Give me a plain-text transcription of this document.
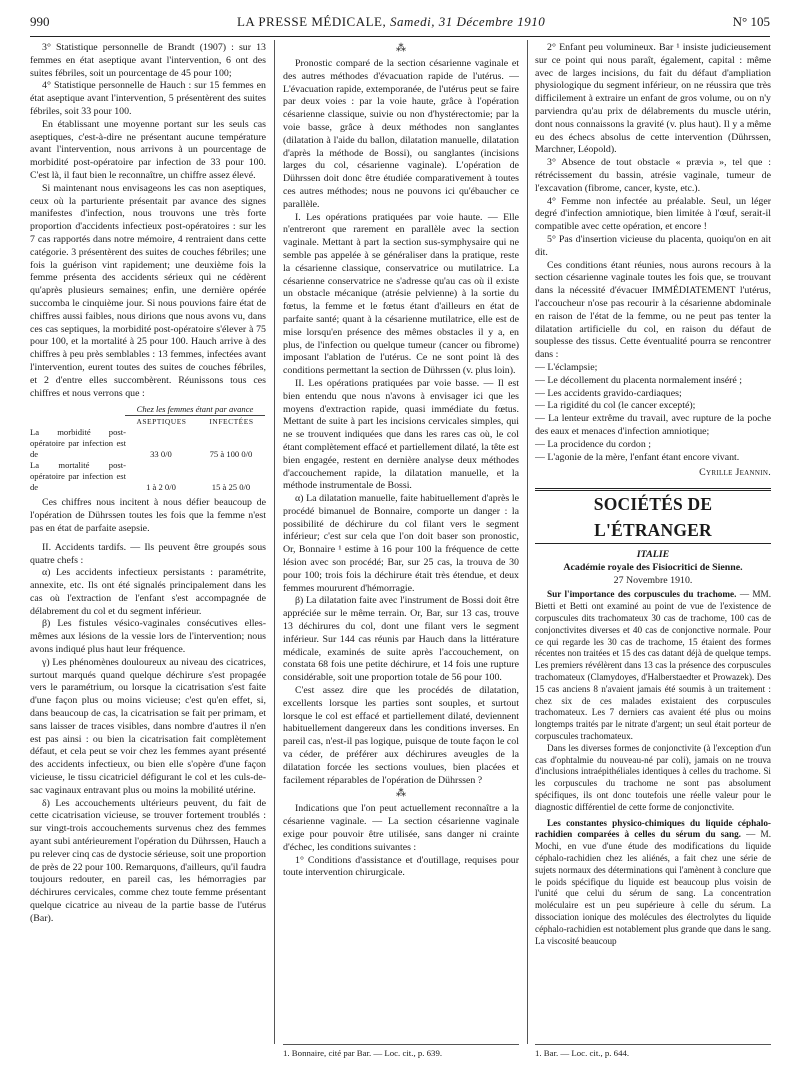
990	LA PRESSE MÉDICALE, Samedi, 31 Décembre 1910	N° 105

3° Statistique personnelle de Brandt (1907) : sur 13 femmes en état aseptique avant l'intervention, 6 ont des suites fébriles, soit un pourcentage de 45 pour 100;

4° Statistique personnelle de Hauch : sur 15 femmes en état aseptique avant l'intervention, 5 présentèrent des suites fébriles, soit 33 pour 100.

En établissant une moyenne portant sur les seuls cas aseptiques, c'est-à-dire ne présentant aucune température avant l'intervention, nous arrivons à un pourcentage de morbidité post-opératoire par infection de 33 pour 100. C'est là, il faut bien le reconnaître, un chiffre assez élevé.

Si maintenant nous envisageons les cas non aseptiques, ceux où la parturiente présentait par avance des signes manifestes d'infection, nous trouvons une très forte proportion d'accidents infectieux post-opératoires : sur les 7 cas rapportés dans notre mémoire, 4 rentraient dans cette catégorie. 3 présentèrent des suites de couches fébriles; une fois la guérison vint rapidement; une deuxième fois la femme présenta des accidents sérieux qui ne cédèrent qu'après plusieurs semaines; enfin, une dernière opérée succomba le cinquième jour. Si nous pouvions faire état de chiffres aussi faibles, nous dirions que nous avons vu, dans ces cas septiques, la morbidité post-opératoire s'élever à 75 pour 100, et la mortalité à 25 pour 100. Hauch arrive à des chiffres à peu près semblables : 13 femmes, infectées avant l'intervention, eurent toutes des suites de couches fébriles, et 2 d'entre elles succombèrent. Réunissons tous ces chiffres et nous verrons que :

Chez les femmes étant par avance
ASEPTIQUES	INFECTÉES
La morbidité post-opératoire par infection est de	33 0/0	75 à 100 0/0
La mortalité post-opératoire par infection est de	1 à 2 0/0	15 à 25 0/0

Ces chiffres nous incitent à nous défier beaucoup de l'opération de Dührssen toutes les fois que la femme n'est pas en état de parfaite asepsie.

II. Accidents tardifs. — Ils peuvent être groupés sous quatre chefs :

α) Les accidents infectieux persistants : paramétrite, annexite, etc. Ils ont été signalés principalement dans les cas où l'extraction de l'enfant s'est accompagnée de délabrement du col et du segment inférieur.

β) Les fistules vésico-vaginales consécutives elles-mêmes aux lésions de la vessie lors de l'intervention; nous avons indiqué plus haut leur fréquence.

γ) Les phénomènes douloureux au niveau des cicatrices, surtout marqués quand quelque déchirure s'est propagée vers le paramétrium, ou lorsque la cicatrisation s'est faite d'une façon plus ou moins vicieuse; c'est qu'en effet, si, dans beaucoup de cas, la cicatrisation se fait per primam, et sans laisser de traces visibles, dans nombre d'autres il n'en est pas ainsi : ou bien la cicatrisation fait complètement défaut, et cela peut se voir chez les femmes ayant présenté des accidents infectieux, ou bien elle s'opère d'une façon vicieuse, le tissu cicatriciel défigurant le col et les culs-de-sac vaginaux entravant plus ou moins la mobilité utérine.

δ) Les accouchements ultérieurs peuvent, du fait de cette cicatrisation vicieuse, se trouver fortement troublés : sur vingt-trois accouchements survenus chez des femmes ayant subi antérieurement l'opération du Dührssen, Hauch a pu relever cinq cas de dystocie sérieuse, soit une proportion de près de 22 pour 100. Remarquons, d'ailleurs, qu'il faudra toujours redouter, en pareil cas, les hémorragies par déchirures cervicales, comme chez toute femme présentant quelque cicatrice au niveau de la partie basse de l'utérus (Bar).

⁂

Pronostic comparé de la section césarienne vaginale et des autres méthodes d'évacuation rapide de l'utérus. — L'évacuation rapide, extemporanée, de l'utérus peut se faire par deux voies : par la voie haute, grâce à l'opération césarienne classique, suivie ou non d'hystérectomie; par la voie basse, grâce à deux méthodes non sanglantes (dilatation à l'aide du ballon, dilatation manuelle, dilatation d'après la méthode de Bossi), ou sanglantes (incisions larges du col, césarienne vaginale). L'opération de Dührssen doit donc être étudiée comparativement à toutes ces autres méthodes; nous ne pouvons ici qu'ébaucher ce parallèle.

I. Les opérations pratiquées par voie haute. — Elle n'entreront que rarement en parallèle avec la section vaginale. Mettant à part la section sus-symphysaire qui ne semble pas appelée à se généraliser dans la pratique, reste la césarienne classique, conservatrice ou mutilatrice. La césarienne conservatrice ne s'adresse qu'au cas où il existe un obstacle mécanique (atrésie pelvienne) à la sortie du fœtus, la femme et le fœtus étant d'ailleurs en état de parfaite santé; quant à la césarienne mutilatrice, elle est de mise lorsqu'en présence des mêmes obstacles il y a, en plus, de l'infection ou quelque tumeur (cancer ou fibrome) imposant l'ablation de l'utérus. Ce ne sont point là des conditions permettant la section de Dührssen (v. plus loin).

II. Les opérations pratiquées par voie basse. — Il est bien entendu que nous n'avons à envisager ici que les moyens d'extraction rapide, quasi immédiate du fœtus. Mettant de suite à part les incisions cervicales simples, qui ne se trouvent indiquées que dans les rares cas où, le col étant complètement effacé et partiellement dilaté, la tête est bien engagée, restent en dernière analyse deux méthodes d'accouchement rapide, la dilatation manuelle, et la méthode instrumentale de Bossi.

α) La dilatation manuelle, faite habituellement d'après le procédé bimanuel de Bonnaire, comporte un danger : la possibilité de déchirure du col filant vers le segment inférieur; c'est sur cela que l'on doit baser son pronostic, Or, Bonnaire ¹ estime à 16 pour 100 la fréquence de cette lésion avec son procédé; Bar, sur 25 cas, la trouva de 30 pour 100; trois fois la déchirure était très étendue, et deux femmes moururent d'hémorragie.

β) La dilatation faite avec l'instrument de Bossi doit être appréciée sur le même terrain. Or, Bar, sur 13 cas, trouve 13 déchirures du col, dont une filant vers le segment inférieur. Sur 144 cas réunis par Hauch dans la littérature médicale, examinés de suite après l'accouchement, on constata 68 fois une petite déchirure, et 14 fois une rupture considérable, soit une proportion totale de 56 pour 100.

C'est assez dire que les procédés de dilatation, excellents lorsque les parties sont souples, et surtout lorsque le col est effacé et partiellement dilaté, deviennent habituellement dangereux dans les conditions inverses. En pareil cas, n'est-il pas logique, puisque de toute façon le col va céder, de préférer aux déchirures aveugles de la dilatation forcée les sections voulues, bien placées et facilement réparables de l'opération de Dührssen ?

⁂

Indications que l'on peut actuellement reconnaître a la césarienne vaginale. — La section césarienne vaginale exige pour pouvoir être utilisée, sans danger ni crainte d'échec, les conditions suivantes :

1° Conditions d'assistance et d'outillage, requises pour toute intervention chirurgicale.

1. Bonnaire, cité par Bar. — Loc. cit., p. 639.

2° Enfant peu volumineux. Bar ¹ insiste judicieusement sur ce point qui nous paraît, également, capital : même avec de larges incisions, du fait du défaut d'ampliation physiologique du segment inférieur, on ne réussira que très difficilement à extraire un enfant de gros volume, ou on n'y parviendra qu'au prix de délabrements du muscle utérin, dont nous connaissons la gravité (v. plus haut). Il y a même eu des échecs absolus de cette intervention (Dührssen, Marchner, Léopold).

3° Absence de tout obstacle « prævia », tel que : rétrécissement du bassin, atrésie vaginale, tumeur de l'excavation (fibrome, cancer, kyste, etc.).

4° Femme non infectée au préalable. Seul, un léger degré d'infection amniotique, bien limitée à l'œuf, serait-il compatible avec cette opération, et encore !

5° Pas d'insertion vicieuse du placenta, quoiqu'on en ait dit.

Ces conditions étant réunies, nous aurons recours à la section césarienne vaginale toutes les fois que, se trouvant dans la nécessité d'évacuer IMMÉDIATEMENT l'utérus, l'accoucheur n'ose pas recourir à la césarienne abdominale en raison de l'état de la femme, ou ne peut pas tenter la dilatation artificielle du col, en raison du défaut de souplesse des tissus. Cette éventualité pourra se rencontrer dans :

— L'éclampsie;

— Le décollement du placenta normalement inséré ;

— Les accidents gravido-cardiaques;

— La rigidité du col (le cancer excepté);

— La lenteur extrême du travail, avec rupture de la poche des eaux et menaces d'infection amniotique;

— La procidence du cordon ;

— L'agonie de la mère, l'enfant étant encore vivant.

Cyrille Jeannin.
SOCIÉTÉS DE L'ÉTRANGER
ITALIE
Académie royale des Fisiocritici de Sienne.
27 Novembre 1910.

Sur l'importance des corpuscules du trachome. — MM. Bietti et Betti ont examiné au point de vue de l'existence de corpuscules dits trachomateux 30 cas de trachome, 100 cas de conjonctivites diverses et 40 cas de conjonctive normale. Pour ce qui regarde les 30 cas de trachome, 15 étaient des formes récentes non traitées et 15 des cas datant déjà de quelque temps. Les premiers révélèrent dans 13 cas la présence des corpuscules trachomateux (Clamydoyes, d'Halberstaedter et Prowazek). Des 15 cas anciens 8 n'avaient jamais été soumis à un traitement : chez six de ces malades existaient des corpuscules trachomateux. Les 7 derniers cas avaient été plus ou moins longtemps traités par le nitrate d'argent; un seul était porteur de corpuscules trachomateux.

Dans les diverses formes de conjonctivite (à l'exception d'un cas d'ophtalmie du nouveau-né par coli), jamais on ne trouva d'inclusions intraépithéliales identiques à celles du trachome. Si les corpuscules du trachome ne sont pas absolument spécifiques, ils ont donc toutefois une réelle valeur pour le diagnostic différentiel de cette forme de conjonctivite.

Les constantes physico-chimiques du liquide céphalo-rachidien comparées à celles du sérum du sang. — M. Mochi, en vue d'une étude des modifications du liquide céphalo-rachidien chez les aliénés, a fait chez une série de sujets normaux des déterminations qui l'amènent à conclure que le poids spécifique du liquide est beaucoup plus voisin de l'unité que celui du sérum de sang. La concentration moléculaire est un peu supérieure à celle du sérum. La dissociation ionique des molécules des électrolytes du liquide céphalo-rachidien est notablement plus grande que dans le sang. La viscosité beaucoup

1. Bar. — Loc. cit., p. 644.
